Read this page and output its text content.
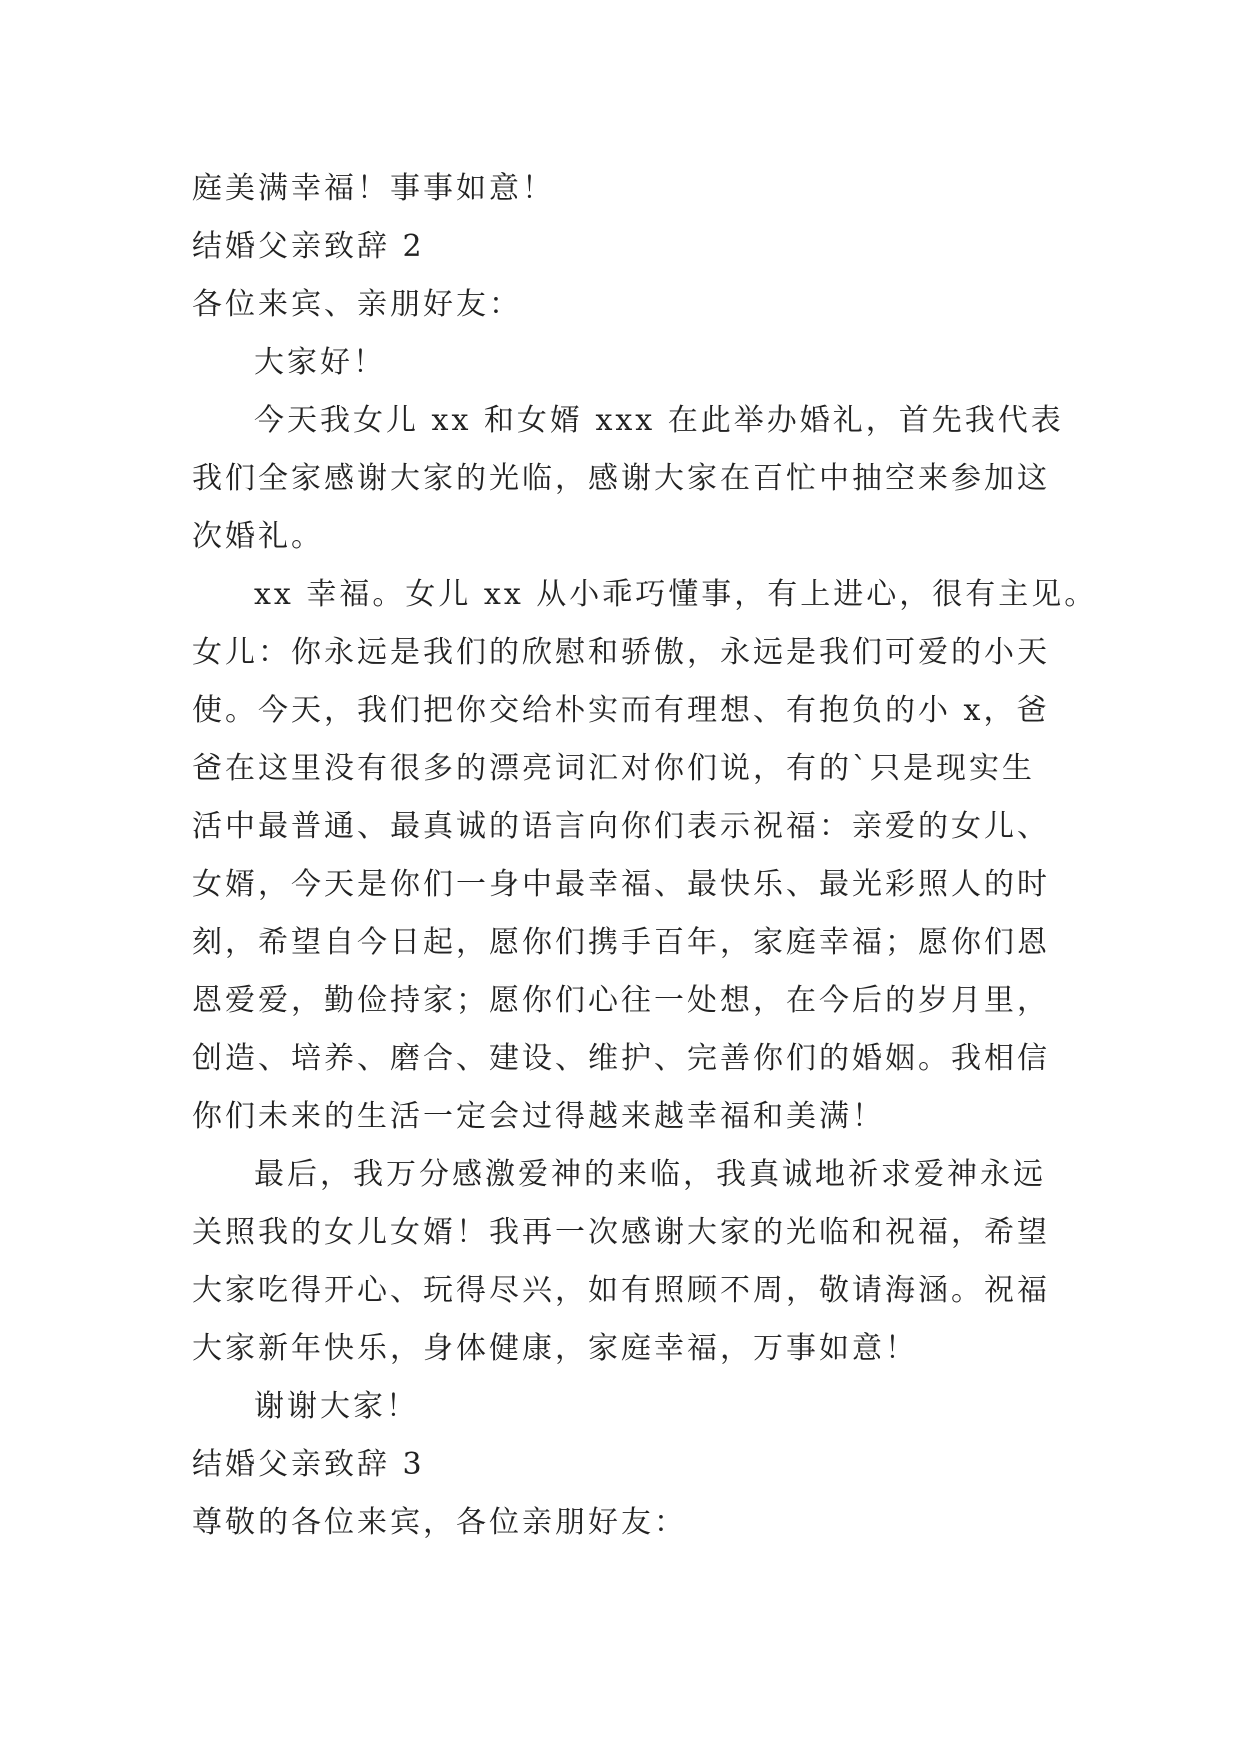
庭美满幸福！事事如意！
结婚父亲致辞 2
各位来宾、亲朋好友：
大家好！
今天我女儿 xx 和女婿 xxx 在此举办婚礼，首先我代表
我们全家感谢大家的光临，感谢大家在百忙中抽空来参加这
次婚礼。
xx 幸福。女儿 xx 从小乖巧懂事，有上进心，很有主见。
女儿：你永远是我们的欣慰和骄傲，永远是我们可爱的小天
使。今天，我们把你交给朴实而有理想、有抱负的小 x，爸
爸在这里没有很多的漂亮词汇对你们说，有的`只是现实生
活中最普通、最真诚的语言向你们表示祝福：亲爱的女儿、
女婿，今天是你们一身中最幸福、最快乐、最光彩照人的时
刻，希望自今日起，愿你们携手百年，家庭幸福；愿你们恩
恩爱爱，勤俭持家；愿你们心往一处想，在今后的岁月里，
创造、培养、磨合、建设、维护、完善你们的婚姻。我相信
你们未来的生活一定会过得越来越幸福和美满！
最后，我万分感激爱神的来临，我真诚地祈求爱神永远
关照我的女儿女婿！我再一次感谢大家的光临和祝福，希望
大家吃得开心、玩得尽兴，如有照顾不周，敬请海涵。祝福
大家新年快乐，身体健康，家庭幸福，万事如意！
谢谢大家！
结婚父亲致辞 3
尊敬的各位来宾，各位亲朋好友：
